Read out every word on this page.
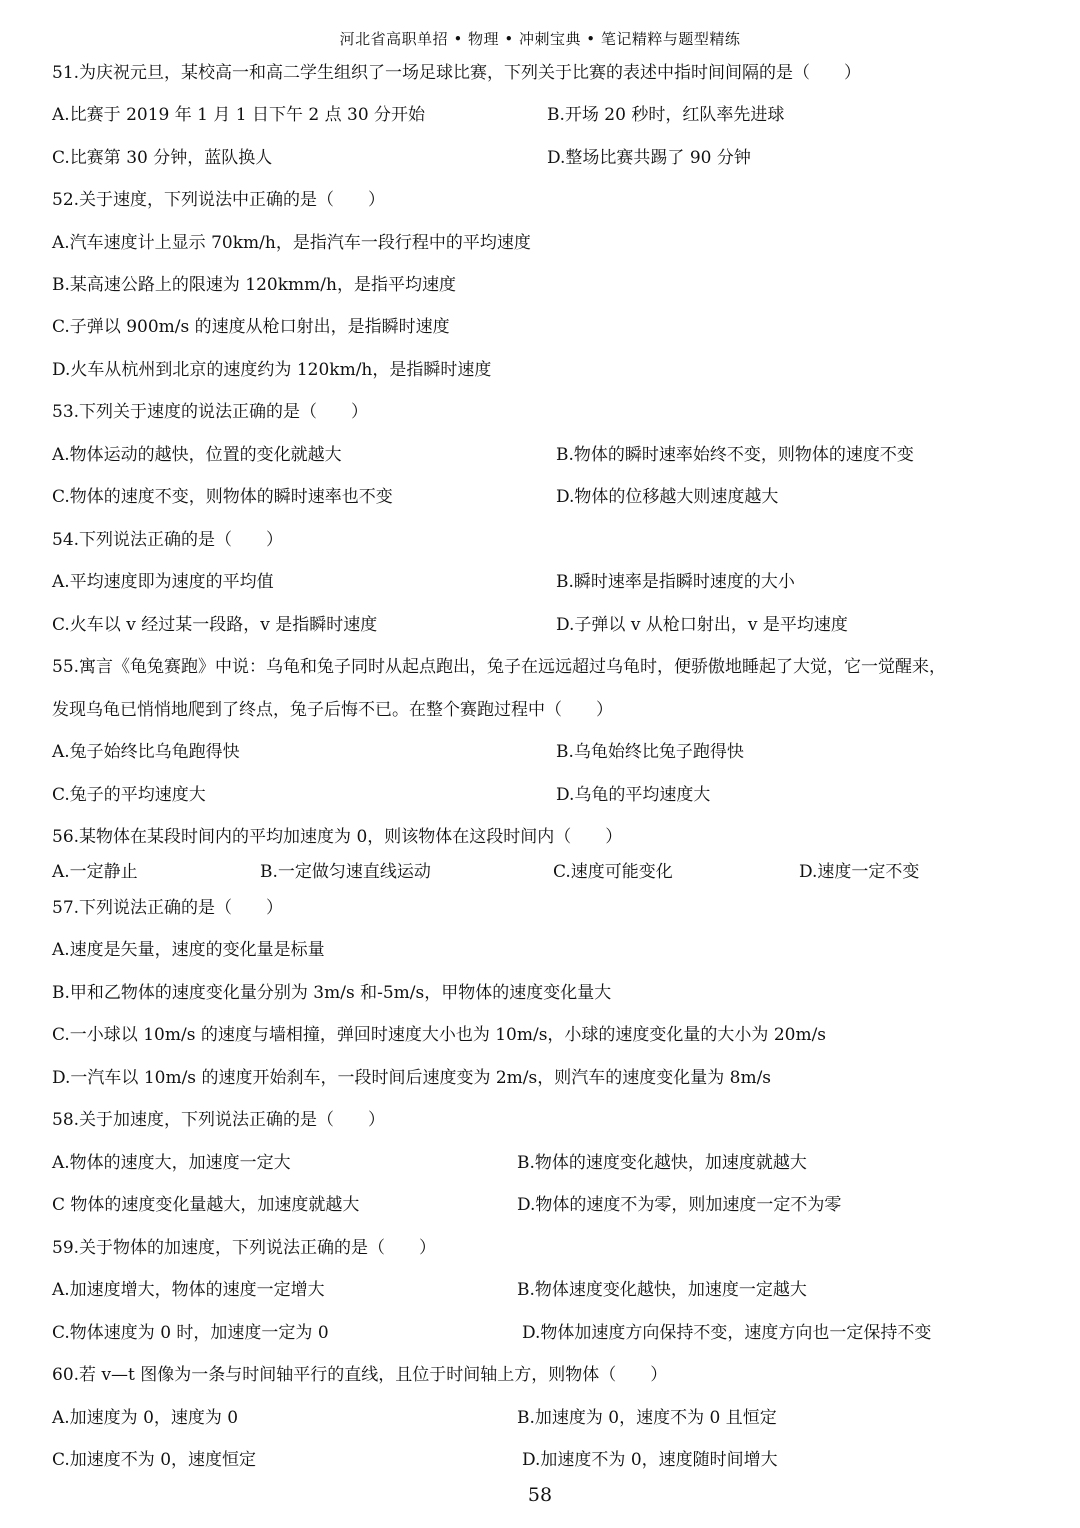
河北省高职单招 • 物理 • 冲刺宝典 • 笔记精粹与题型精练
51.为庆祝元旦，某校高一和高二学生组织了一场足球比赛，下列关于比赛的表述中指时间间隔的是（　　）
A.比赛于 2019 年 1 月 1 日下午 2 点 30 分开始	B.开场 20 秒时，红队率先进球
C.比赛第 30 分钟，蓝队换人	D.整场比赛共踢了 90 分钟
52.关于速度，下列说法中正确的是（　　）
A.汽车速度计上显示 70km/h，是指汽车一段行程中的平均速度
B.某高速公路上的限速为 120kmm/h，是指平均速度
C.子弹以 900m/s 的速度从枪口射出，是指瞬时速度
D.火车从杭州到北京的速度约为 120km/h，是指瞬时速度
53.下列关于速度的说法正确的是（　　）
A.物体运动的越快，位置的变化就越大	B.物体的瞬时速率始终不变，则物体的速度不变
C.物体的速度不变，则物体的瞬时速率也不变	D.物体的位移越大则速度越大
54.下列说法正确的是（　　）
A.平均速度即为速度的平均值	B.瞬时速率是指瞬时速度的大小
C.火车以 v 经过某一段路，v 是指瞬时速度	D.子弹以 v 从枪口射出，v 是平均速度
55.寓言《龟兔赛跑》中说：乌龟和兔子同时从起点跑出，兔子在远远超过乌龟时，便骄傲地睡起了大觉，它一觉醒来，
发现乌龟已悄悄地爬到了终点，兔子后悔不已。在整个赛跑过程中（　　）
A.兔子始终比乌龟跑得快	B.乌龟始终比兔子跑得快
C.兔子的平均速度大	D.乌龟的平均速度大
56.某物体在某段时间内的平均加速度为 0，则该物体在这段时间内（　　）
A.一定静止	B.一定做匀速直线运动	C.速度可能变化	D.速度一定不变
57.下列说法正确的是（　　）
A.速度是矢量，速度的变化量是标量
B.甲和乙物体的速度变化量分别为 3m/s 和-5m/s，甲物体的速度变化量大
C.一小球以 10m/s 的速度与墙相撞，弹回时速度大小也为 10m/s，小球的速度变化量的大小为 20m/s
D.一汽车以 10m/s 的速度开始刹车，一段时间后速度变为 2m/s，则汽车的速度变化量为 8m/s
58.关于加速度，下列说法正确的是（　　）
A.物体的速度大，加速度一定大	B.物体的速度变化越快，加速度就越大
C 物体的速度变化量越大，加速度就越大	D.物体的速度不为零，则加速度一定不为零
59.关于物体的加速度，下列说法正确的是（　　）
A.加速度增大，物体的速度一定增大	B.物体速度变化越快，加速度一定越大
C.物体速度为 0 时，加速度一定为 0	D.物体加速度方向保持不变，速度方向也一定保持不变
60.若 v—t 图像为一条与时间轴平行的直线，且位于时间轴上方，则物体（　　）
A.加速度为 0，速度为 0	B.加速度为 0，速度不为 0 且恒定
C.加速度不为 0，速度恒定	D.加速度不为 0，速度随时间增大
58
